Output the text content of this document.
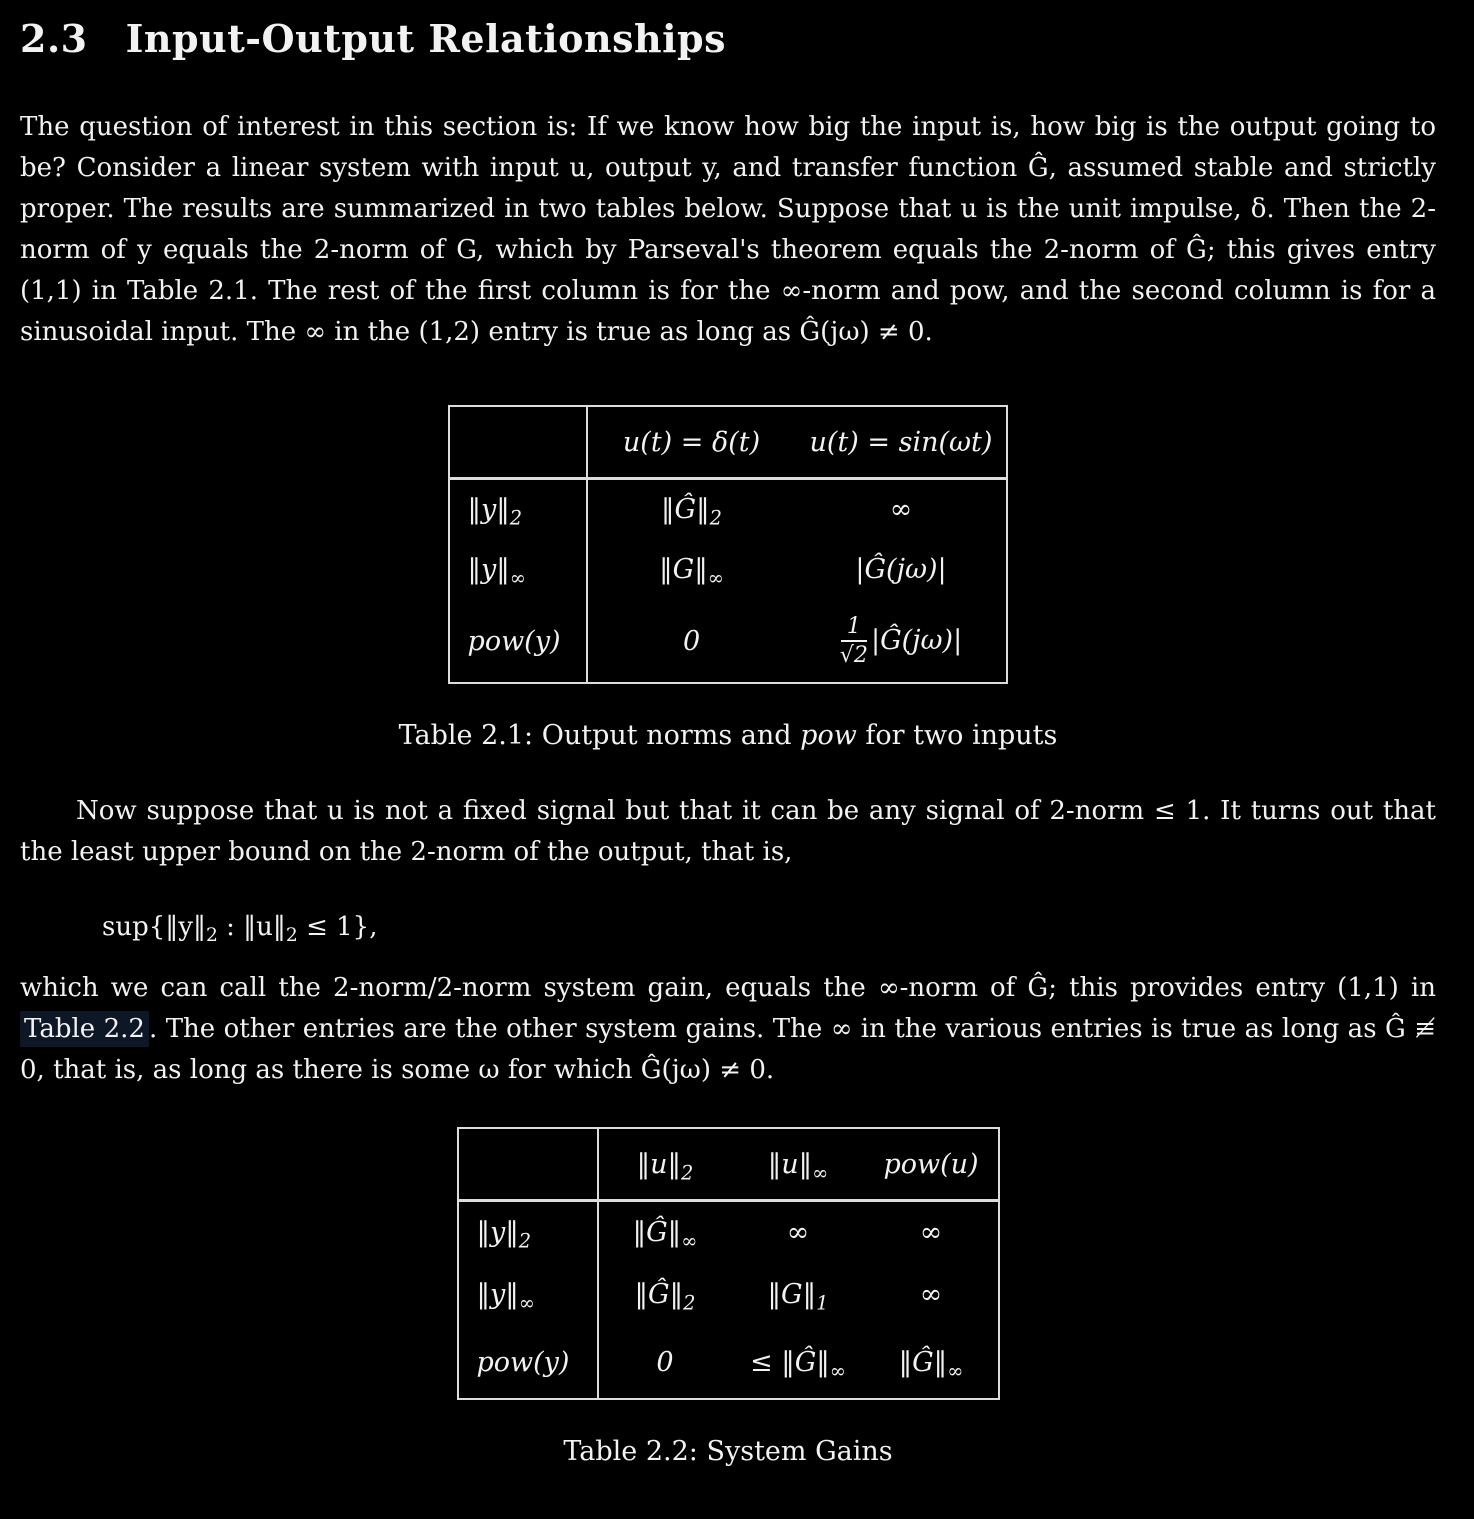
2.3 Input-Output Relationships

The question of interest in this section is: If we know how big the input is, how big is the output going to be? Consider a linear system with input u, output y, and transfer function Ĝ, assumed stable and strictly proper. The results are summarized in two tables below. Suppose that u is the unit impulse, δ. Then the 2-norm of y equals the 2-norm of G, which by Parseval's theorem equals the 2-norm of Ĝ; this gives entry (1,1) in Table 2.1. The rest of the first column is for the ∞-norm and pow, and the second column is for a sinusoidal input. The ∞ in the (1,2) entry is true as long as Ĝ(jω) ≠ 0.

	u(t) = δ(t)	u(t) = sin(ωt)
$‖y‖_2$	$‖Ĝ‖_2$	∞
$‖y‖_\infty$	$‖G‖_\infty$	|Ĝ(jω)|
pow(y)	0	$\frac{1}{√2}$ |Ĝ(jω)|
Table 2.1: Output norms and pow for two inputs

Now suppose that u is not a fixed signal but that it can be any signal of 2-norm ≤ 1. It turns out that the least upper bound on the 2-norm of the output, that is,

$sup\{‖y‖_2$ : $‖u‖_2 \le 1$},

which we can call the 2-norm/2-norm system gain, equals the ∞-norm of Ĝ; this provides entry (1,1) in Table 2.2 . The other entries are the other system gains. The ∞ in the various entries is true as long as Ĝ ≢ 0, that is, as long as there is some ω for which Ĝ(jω) ≠ 0.

	$‖u‖_2$	$‖u‖_\infty$	pow(u)
$‖y‖_2$	$‖Ĝ‖_\infty$	∞	∞
$‖y‖_\infty$	$‖Ĝ‖_2$	$‖G‖_1$	∞
pow(y)	0	≤ $‖Ĝ‖_\infty$	$‖Ĝ‖_\infty$
Table 2.2: System Gains
